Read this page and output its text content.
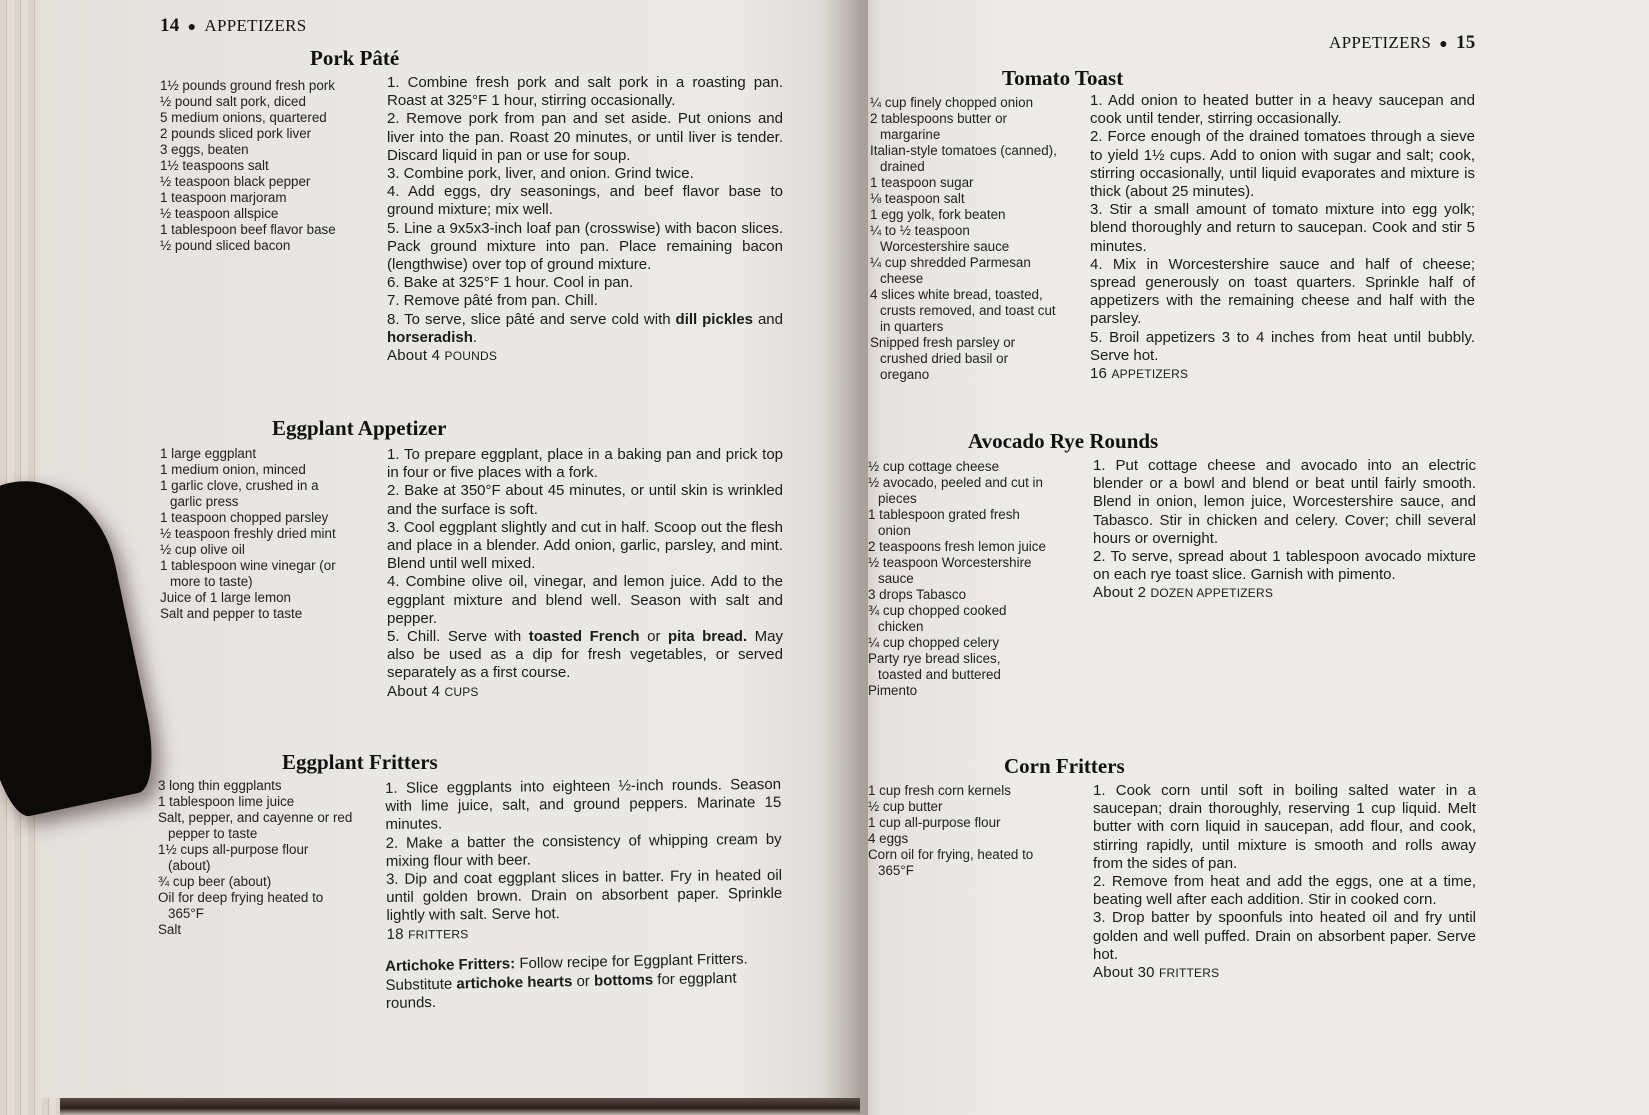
14 ● APPETIZERS
Pork Pâté
1½ pounds ground fresh pork
½ pound salt pork, diced
5 medium onions, quartered
2 pounds sliced pork liver
3 eggs, beaten
1½ teaspoons salt
½ teaspoon black pepper
1 teaspoon marjoram
½ teaspoon allspice
1 tablespoon beef flavor base
½ pound sliced bacon

1. Combine fresh pork and salt pork in a roasting pan. Roast at 325°F 1 hour, stirring occasionally.

2. Remove pork from pan and set aside. Put onions and liver into the pan. Roast 20 minutes, or until liver is tender. Discard liquid in pan or use for soup.

3. Combine pork, liver, and onion. Grind twice.

4. Add eggs, dry seasonings, and beef flavor base to ground mixture; mix well.

5. Line a 9x5x3-inch loaf pan (crosswise) with bacon slices. Pack ground mixture into pan. Place remaining bacon (lengthwise) over top of ground mixture.

6. Bake at 325°F 1 hour. Cool in pan.

7. Remove pâté from pan. Chill.

8. To serve, slice pâté and serve cold with dill pickles and horseradish.

About 4 POUNDS

Eggplant Appetizer
1 large eggplant
1 medium onion, minced
1 garlic clove, crushed in a garlic press
1 teaspoon chopped parsley
½ teaspoon freshly dried mint
½ cup olive oil
1 tablespoon wine vinegar (or more to taste)
Juice of 1 large lemon
Salt and pepper to taste

1. To prepare eggplant, place in a baking pan and prick top in four or five places with a fork.

2. Bake at 350°F about 45 minutes, or until skin is wrinkled and the surface is soft.

3. Cool eggplant slightly and cut in half. Scoop out the flesh and place in a blender. Add onion, garlic, parsley, and mint. Blend until well mixed.

4. Combine olive oil, vinegar, and lemon juice. Add to the eggplant mixture and blend well. Season with salt and pepper.

5. Chill. Serve with toasted French or pita bread. May also be used as a dip for fresh vegetables, or served separately as a first course.

About 4 CUPS

Eggplant Fritters
3 long thin eggplants
1 tablespoon lime juice
Salt, pepper, and cayenne or red pepper to taste
1½ cups all-purpose flour (about)
¾ cup beer (about)
Oil for deep frying heated to 365°F
Salt

1. Slice eggplants into eighteen ½-inch rounds. Season with lime juice, salt, and ground peppers. Marinate 15 minutes.

2. Make a batter the consistency of whipping cream by mixing flour with beer.

3. Dip and coat eggplant slices in batter. Fry in heated oil until golden brown. Drain on absorbent paper. Sprinkle lightly with salt. Serve hot.

18 FRITTERS

Artichoke Fritters: Follow recipe for Eggplant Fritters. Substitute artichoke hearts or bottoms for eggplant rounds.
APPETIZERS ● 15
Tomato Toast
¼ cup finely chopped onion
2 tablespoons butter or margarine
Italian-style tomatoes (canned), drained
1 teaspoon sugar
⅛ teaspoon salt
1 egg yolk, fork beaten
¼ to ½ teaspoon Worcestershire sauce
¼ cup shredded Parmesan cheese
4 slices white bread, toasted, crusts removed, and toast cut in quarters
Snipped fresh parsley or crushed dried basil or oregano

1. Add onion to heated butter in a heavy saucepan and cook until tender, stirring occasionally.

2. Force enough of the drained tomatoes through a sieve to yield 1½ cups. Add to onion with sugar and salt; cook, stirring occasionally, until liquid evaporates and mixture is thick (about 25 minutes).

3. Stir a small amount of tomato mixture into egg yolk; blend thoroughly and return to saucepan. Cook and stir 5 minutes.

4. Mix in Worcestershire sauce and half of cheese; spread generously on toast quarters. Sprinkle half of appetizers with the remaining cheese and half with the parsley.

5. Broil appetizers 3 to 4 inches from heat until bubbly. Serve hot.

16 APPETIZERS

Avocado Rye Rounds
½ cup cottage cheese
½ avocado, peeled and cut in pieces
1 tablespoon grated fresh onion
2 teaspoons fresh lemon juice
½ teaspoon Worcestershire sauce
3 drops Tabasco
¾ cup chopped cooked chicken
¼ cup chopped celery
Party rye bread slices, toasted and buttered
Pimento

1. Put cottage cheese and avocado into an electric blender or a bowl and blend or beat until fairly smooth. Blend in onion, lemon juice, Worcestershire sauce, and Tabasco. Stir in chicken and celery. Cover; chill several hours or overnight.

2. To serve, spread about 1 tablespoon avocado mixture on each rye toast slice. Garnish with pimento.

About 2 DOZEN APPETIZERS

Corn Fritters
1 cup fresh corn kernels
½ cup butter
1 cup all-purpose flour
4 eggs
Corn oil for frying, heated to 365°F

1. Cook corn until soft in boiling salted water in a saucepan; drain thoroughly, reserving 1 cup liquid. Melt butter with corn liquid in saucepan, add flour, and cook, stirring rapidly, until mixture is smooth and rolls away from the sides of pan.

2. Remove from heat and add the eggs, one at a time, beating well after each addition. Stir in cooked corn.

3. Drop batter by spoonfuls into heated oil and fry until golden and well puffed. Drain on absorbent paper. Serve hot.

About 30 FRITTERS
